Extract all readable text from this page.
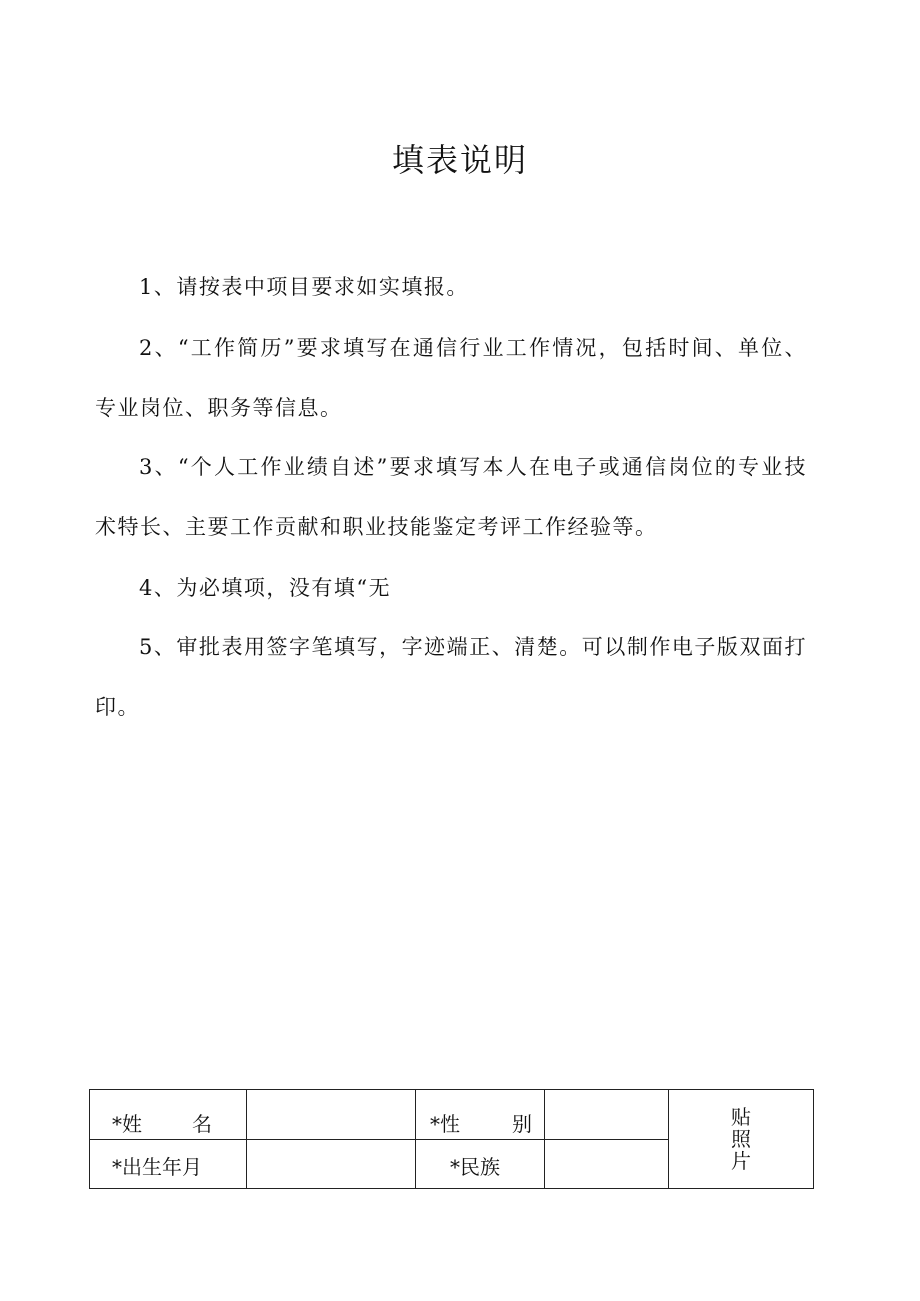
填表说明

1、请按表中项目要求如实填报。

2、“工作简历”要求填写在通信行业工作情况，包括时间、单位、专业岗位、职务等信息。

3、“个人工作业绩自述”要求填写本人在电子或通信岗位的专业技术特长、主要工作贡献和职业技能鉴定考评工作经验等。

4、为必填项，没有填“无

5、审批表用签字笔填写，字迹端正、清楚。可以制作电子版双面打印。

*姓 名		*性 别		贴照片
*出生年月		*民族		
